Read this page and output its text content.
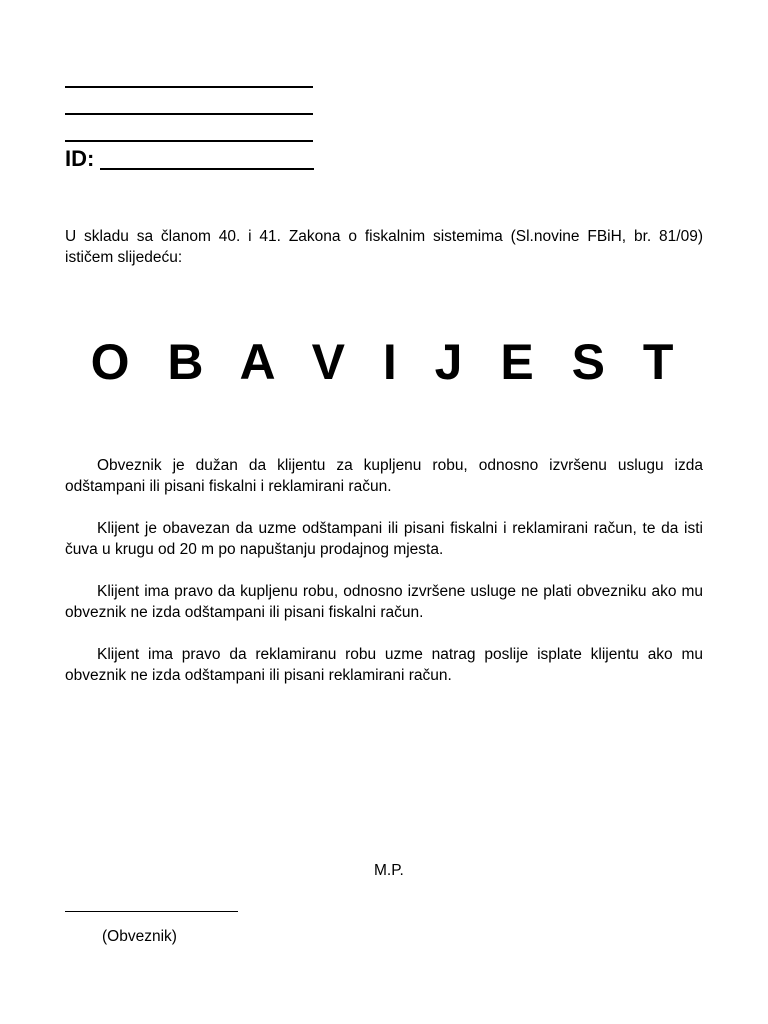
ID:

U skladu sa članom 40. i 41. Zakona o fiskalnim sistemima (Sl.novine FBiH, br. 81/09) ističem slijedeću:

O B A V I J E S T

Obveznik je dužan da klijentu za kupljenu robu, odnosno izvršenu uslugu izda odštampani ili pisani fiskalni i reklamirani račun.

Klijent je obavezan da uzme odštampani ili pisani fiskalni i reklamirani račun, te da isti čuva u krugu od 20 m po napuštanju prodajnog mjesta.

Klijent ima pravo da kupljenu robu, odnosno izvršene usluge ne plati obvezniku ako mu obveznik ne izda odštampani ili pisani fiskalni račun.

Klijent ima pravo da reklamiranu robu uzme natrag poslije isplate klijentu ako mu obveznik ne izda odštampani ili pisani reklamirani račun.

M.P.
(Obveznik)
